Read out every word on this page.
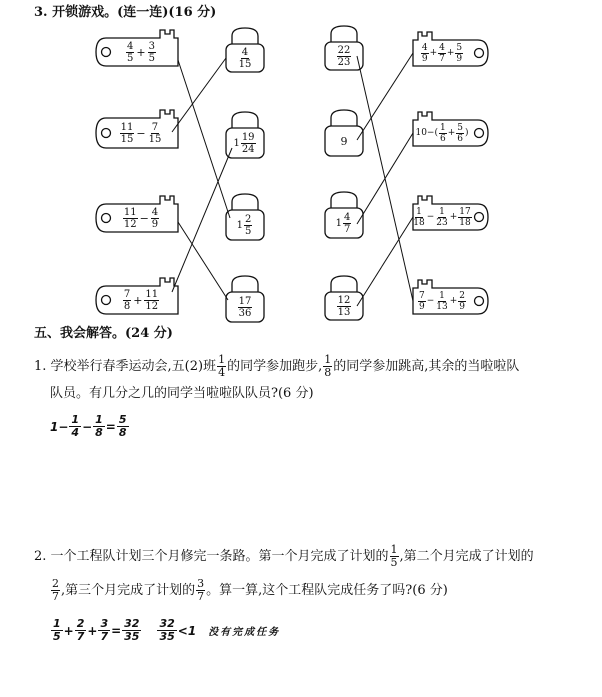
3. 开锁游戏。(连一连)(16 分)
$\frac{4}{5} + \frac{3}{5}$
$\frac{11}{15} - \frac{7}{15}$
$\frac{11}{12} - \frac{4}{9}$
$\frac{7}{8} + \frac{11}{12}$
$\frac{4}{15}$
$1 \frac{19}{24}$
$1 \frac{2}{5}$
$\frac{17}{36}$
$\frac{22}{23}$
9
$1 \frac{4}{7}$
$\frac{12}{13}$
$\frac{4}{9} + \frac{4}{7} + \frac{5}{9}$
$10-( \frac{1}{6} + \frac{5}{6}$ )
$\frac{1}{18} - \frac{1}{23} + \frac{17}{18}$
$\frac{7}{9} - \frac{1}{13} + \frac{2}{9}$
五、我会解答。(24 分)
1. 学校举行春季运动会,五(2)班 $\frac{1}{4}$ 的同学参加跑步, $\frac{1}{8}$ 的同学参加跳高,其余的当啦啦队
队员。有几分之几的同学当啦啦队队员?(6 分)
$1- \frac{1}{4} - \frac{1}{8} = \frac{5}{8}$
2. 一个工程队计划三个月修完一条路。第一个月完成了计划的 $\frac{1}{5}$ ,第二个月完成了计划的
$\frac{2}{7}$ ,第三个月完成了计划的 $\frac{3}{7}$ 。算一算,这个工程队完成任务了吗?(6 分)
$\frac{1}{5} + \frac{2}{7} + \frac{3}{7} = \frac{32}{35} \frac{32}{35} <1$ 没有完成任务
